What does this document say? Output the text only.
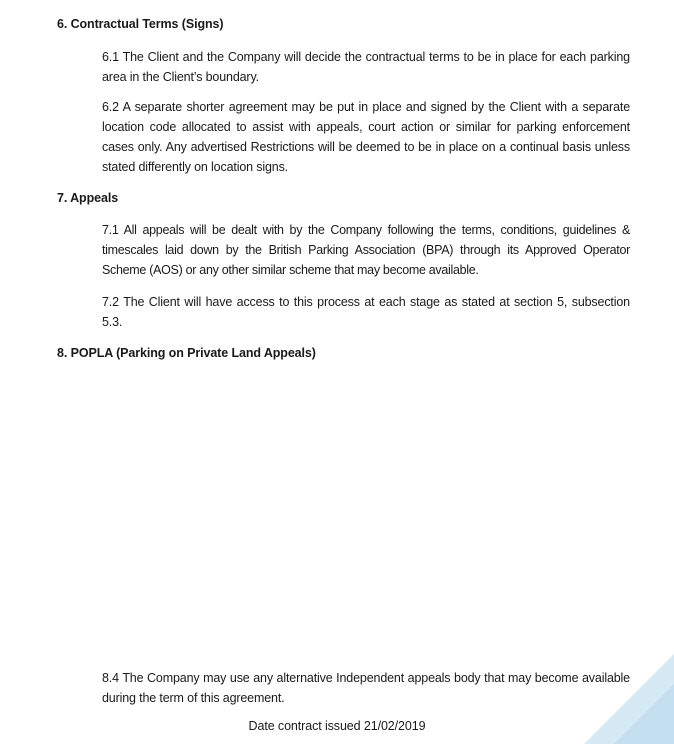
6. Contractual Terms (Signs)
6.1 The Client and the Company will decide the contractual terms to be in place for each parking area in the Client’s boundary.
6.2 A separate shorter agreement may be put in place and signed by the Client with a separate location code allocated to assist with appeals, court action or similar for parking enforcement cases only. Any advertised Restrictions will be deemed to be in place on a continual basis unless stated differently on location signs.
7. Appeals
7.1 All appeals will be dealt with by the Company following the terms, conditions, guidelines & timescales laid down by the British Parking Association (BPA) through its Approved Operator Scheme (AOS) or any other similar scheme that may become available.
7.2 The Client will have access to this process at each stage as stated at section 5, subsection 5.3.
8. POPLA (Parking on Private Land Appeals)
8.4 The Company may use any alternative Independent appeals body that may become available during the term of this agreement.
Date contract issued 21/02/2019
